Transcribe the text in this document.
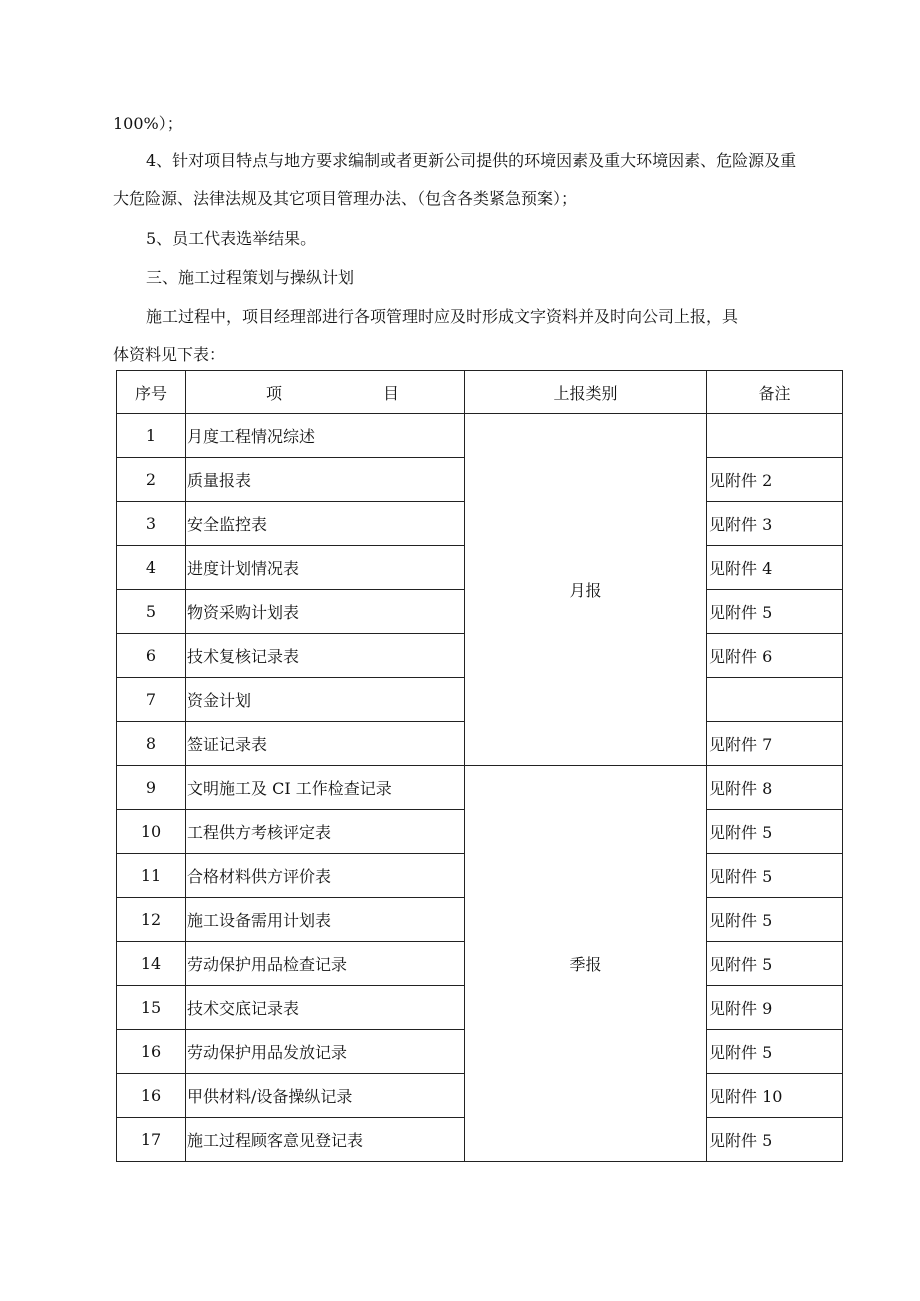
100%）；
4、针对项目特点与地方要求编制或者更新公司提供的环境因素及重大环境因素、危险源及重
大危险源、法律法规及其它项目管理办法、（包含各类紧急预案）；
5、员工代表选举结果。
三、施工过程策划与操纵计划
施工过程中，项目经理部进行各项管理时应及时形成文字资料并及时向公司上报，具
体资料见下表：
序号	项 目	上报类别	备注
1	月度工程情况综述	月报	
2	质量报表		见附件 2
3	安全监控表		见附件 3
4	进度计划情况表		见附件 4
5	物资采购计划表		见附件 5
6	技术复核记录表		见附件 6
7	资金计划		
8	签证记录表		见附件 7
9	文明施工及 CI 工作检查记录	季报	见附件 8
10	工程供方考核评定表		见附件 5
11	合格材料供方评价表		见附件 5
12	施工设备需用计划表		见附件 5
14	劳动保护用品检查记录		见附件 5
15	技术交底记录表		见附件 9
16	劳动保护用品发放记录		见附件 5
16	甲供材料/设备操纵记录		见附件 10
17	施工过程顾客意见登记表		见附件 5
